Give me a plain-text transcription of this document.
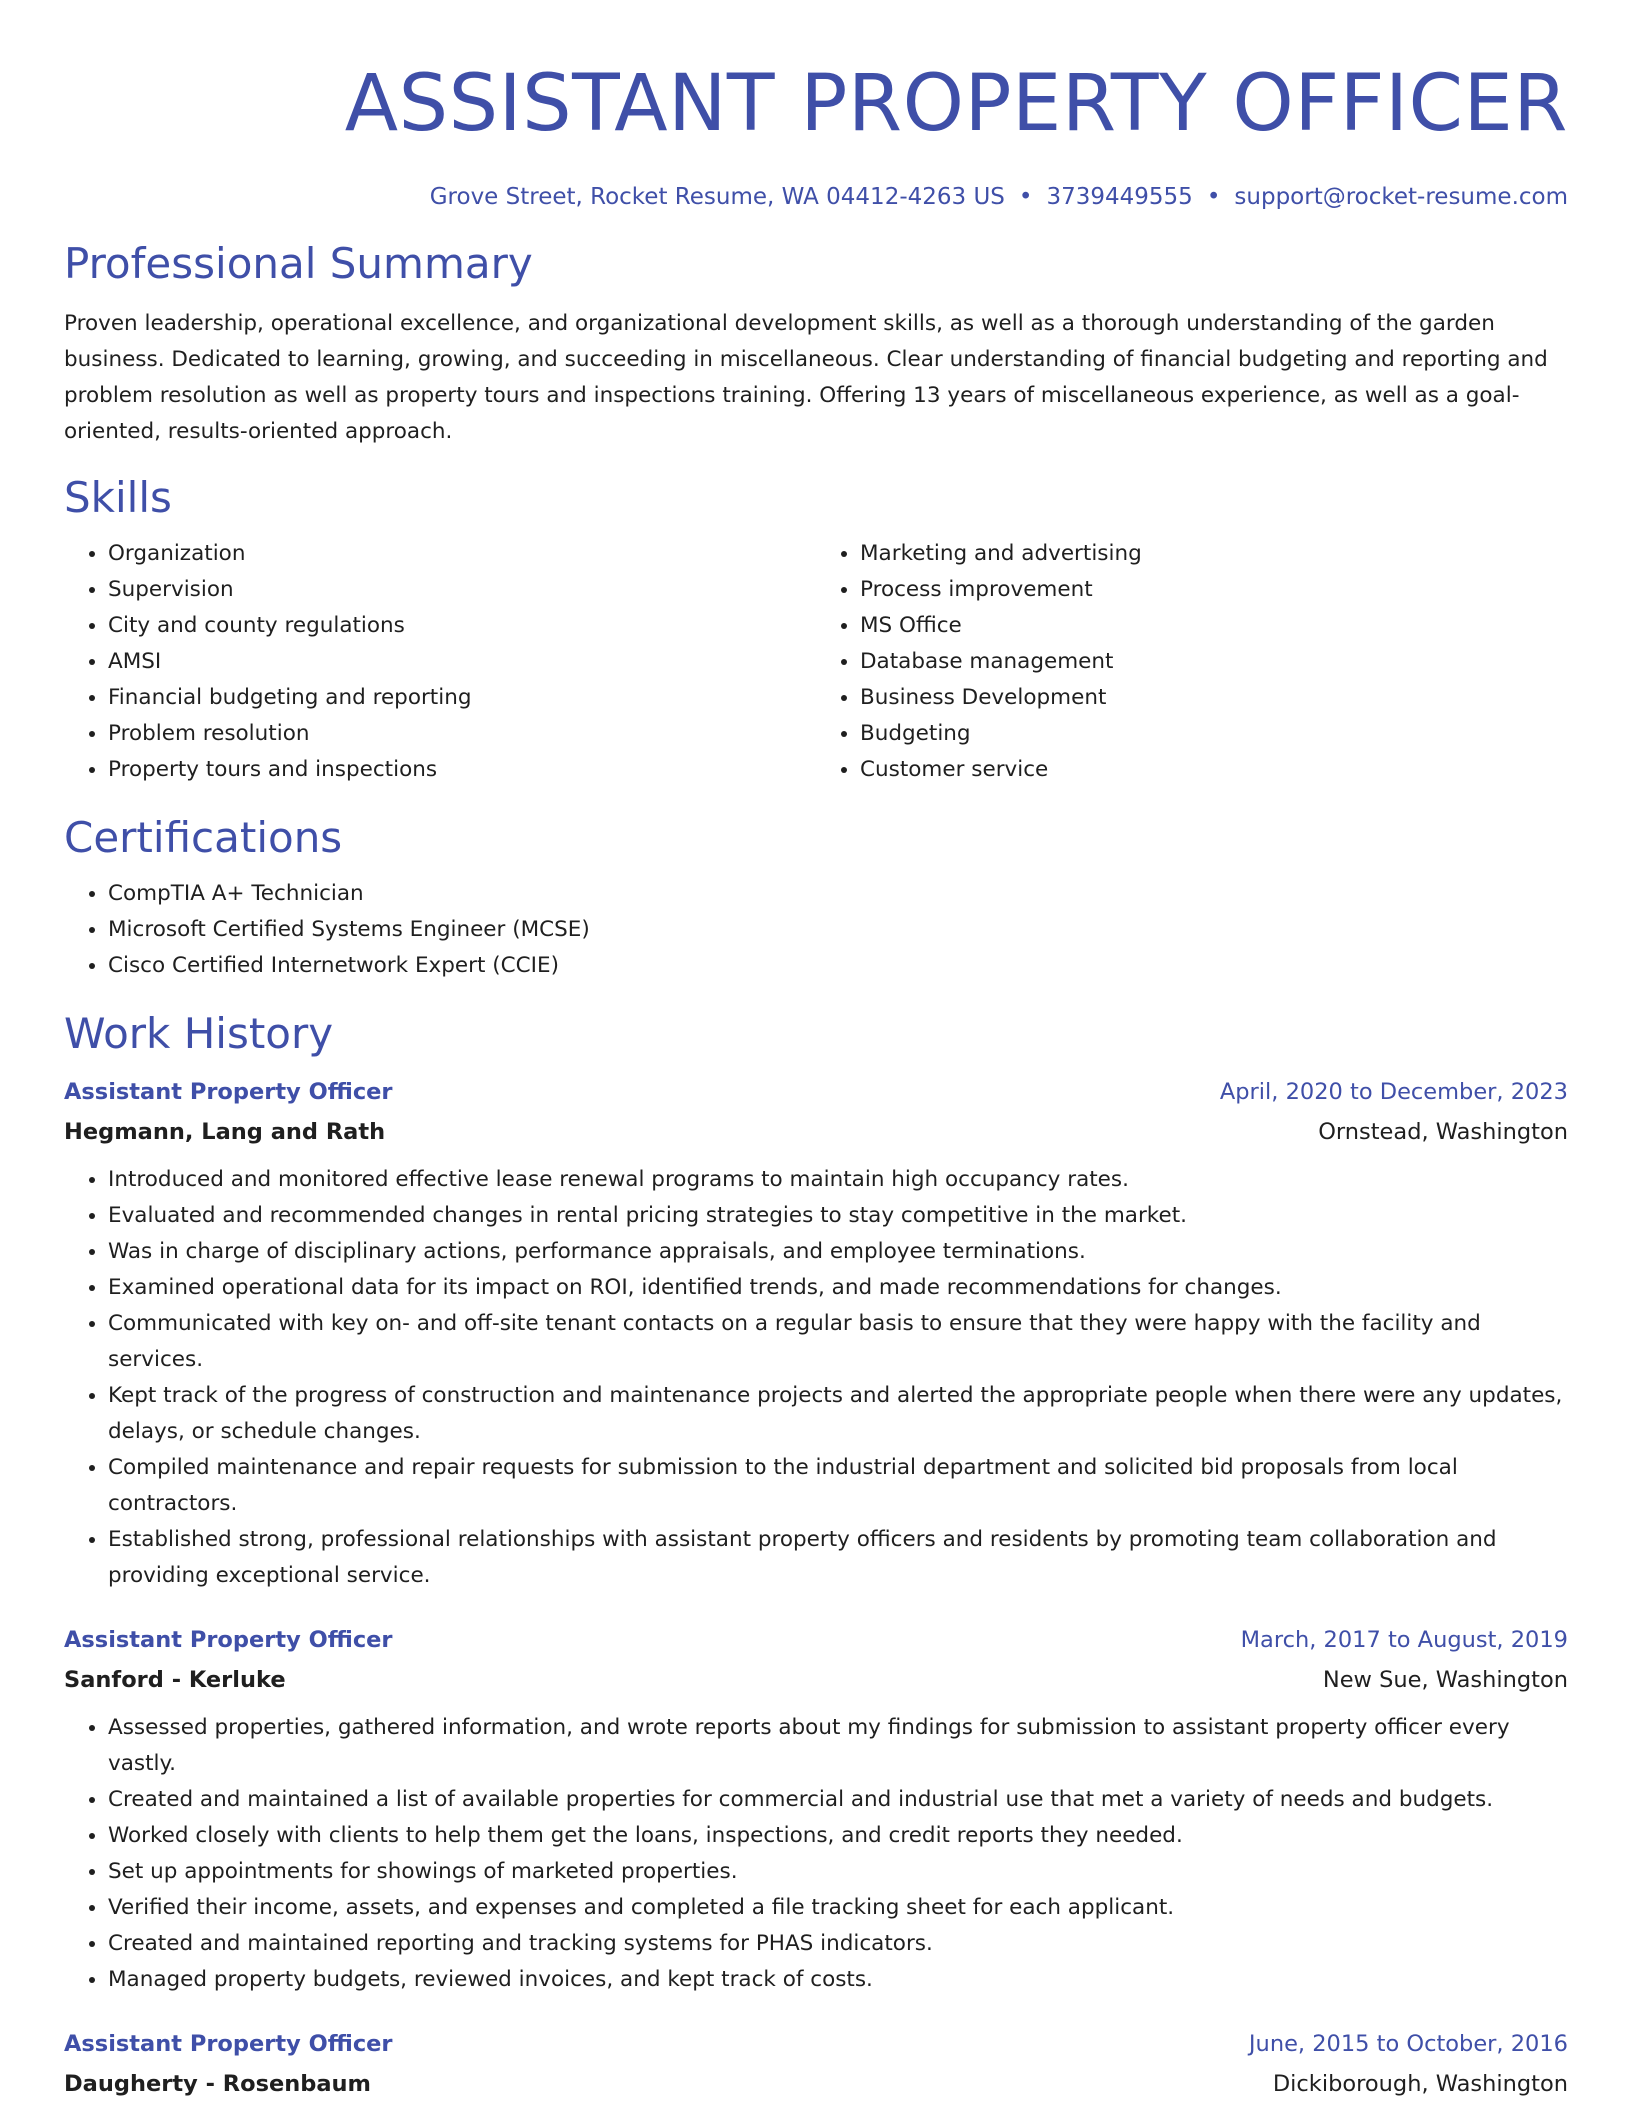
ASSISTANT PROPERTY OFFICER
Grove Street, Rocket Resume, WA 04412-4263 US • 3739449555 • support@rocket-resume.com
Professional Summary
Proven leadership, operational excellence, and organizational development skills, as well as a thorough understanding of the garden business. Dedicated to learning, growing, and succeeding in miscellaneous. Clear understanding of financial budgeting and reporting and problem resolution as well as property tours and inspections training. Offering 13 years of miscellaneous experience, as well as a goal-oriented, results-oriented approach.
Skills
• Organization
• Supervision
• City and county regulations
• AMSI
• Financial budgeting and reporting
• Problem resolution
• Property tours and inspections
• Marketing and advertising
• Process improvement
• MS Office
• Database management
• Business Development
• Budgeting
• Customer service
Certifications
• CompTIA A+ Technician
• Microsoft Certified Systems Engineer (MCSE)
• Cisco Certified Internetwork Expert (CCIE)
Work History
Assistant Property Officer	April, 2020 to December, 2023
Hegmann, Lang and Rath	Ornstead, Washington
• Introduced and monitored effective lease renewal programs to maintain high occupancy rates.
• Evaluated and recommended changes in rental pricing strategies to stay competitive in the market.
• Was in charge of disciplinary actions, performance appraisals, and employee terminations.
• Examined operational data for its impact on ROI, identified trends, and made recommendations for changes.
• Communicated with key on- and off-site tenant contacts on a regular basis to ensure that they were happy with the facility and services.
• Kept track of the progress of construction and maintenance projects and alerted the appropriate people when there were any updates, delays, or schedule changes.
• Compiled maintenance and repair requests for submission to the industrial department and solicited bid proposals from local contractors.
• Established strong, professional relationships with assistant property officers and residents by promoting team collaboration and providing exceptional service.
Assistant Property Officer	March, 2017 to August, 2019
Sanford - Kerluke	New Sue, Washington
• Assessed properties, gathered information, and wrote reports about my findings for submission to assistant property officer every vastly.
• Created and maintained a list of available properties for commercial and industrial use that met a variety of needs and budgets.
• Worked closely with clients to help them get the loans, inspections, and credit reports they needed.
• Set up appointments for showings of marketed properties.
• Verified their income, assets, and expenses and completed a file tracking sheet for each applicant.
• Created and maintained reporting and tracking systems for PHAS indicators.
• Managed property budgets, reviewed invoices, and kept track of costs.
Assistant Property Officer	June, 2015 to October, 2016
Daugherty - Rosenbaum	Dickiborough, Washington
